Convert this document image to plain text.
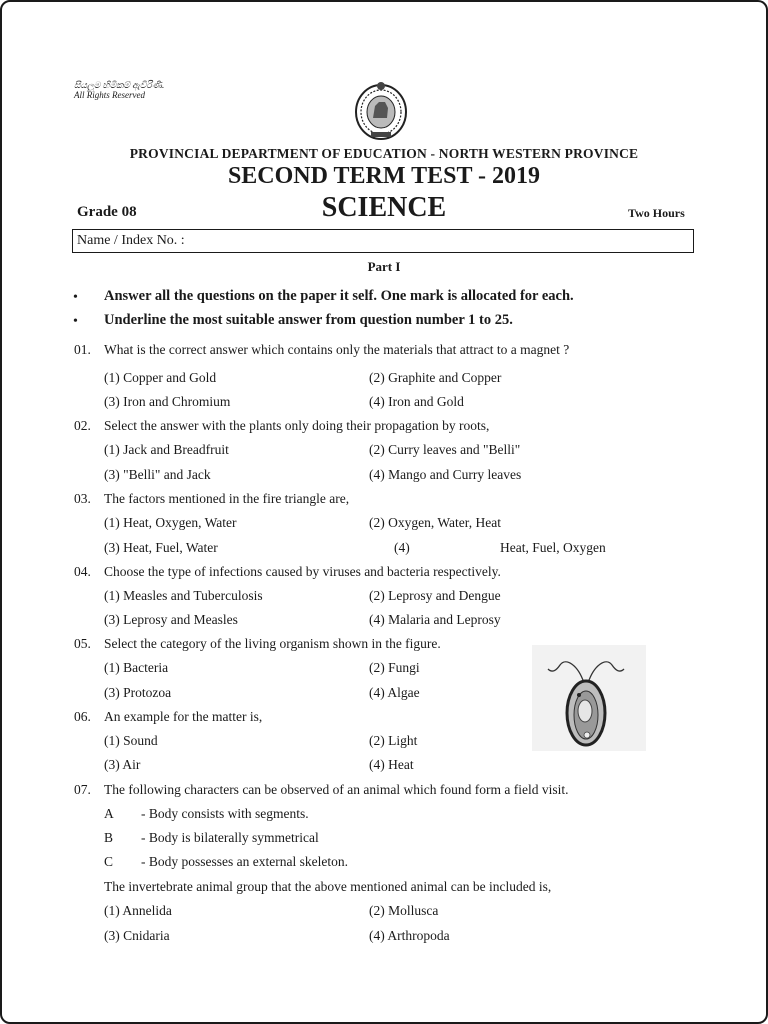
සියලුම හිමිකම් ඇවිරිණි.
All Rights Reserved
PROVINCIAL DEPARTMENT OF EDUCATION - NORTH WESTERN PROVINCE
SECOND TERM TEST - 2019
Grade 08	SCIENCE	Two Hours
Name / Index No. :
Part I
• Answer all the questions on the paper it self. One mark is allocated for each.
• Underline the most suitable answer from question number 1 to 25.
01. What is the correct answer which contains only the materials that attract to a magnet ?
(1) Copper and Gold	(2) Graphite and Copper
(3) Iron and Chromium	(4) Iron and Gold
02. Select the answer with the plants only doing their propagation by roots,
(1) Jack and Breadfruit	(2) Curry leaves and "Belli"
(3) "Belli" and Jack	(4) Mango and Curry leaves
03. The factors mentioned in the fire triangle are,
(1) Heat, Oxygen, Water	(2) Oxygen, Water, Heat
(3) Heat, Fuel, Water	(4)	Heat, Fuel, Oxygen
04. Choose the type of infections caused by viruses and bacteria respectively.
(1) Measles and Tuberculosis	(2) Leprosy and Dengue
(3) Leprosy and Measles	(4) Malaria and Leprosy
05. Select the category of the living organism shown in the figure.
(1) Bacteria	(2) Fungi
(3) Protozoa	(4) Algae
06. An example for the matter is,
(1) Sound	(2) Light
(3) Air	(4) Heat
07. The following characters can be observed of an animal which found form a field visit.
A - Body consists with segments.
B - Body is bilaterally symmetrical
C - Body possesses an external skeleton.
The invertebrate animal group that the above mentioned animal can be included is,
(1) Annelida	(2) Mollusca
(3) Cnidaria	(4) Arthropoda
